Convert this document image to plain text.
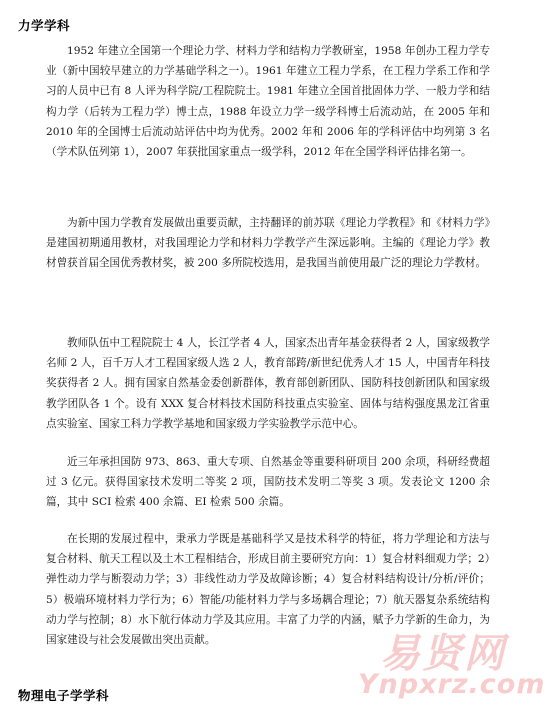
力学学科

1952 年建立全国第一个理论力学、材料力学和结构力学教研室，1958 年创办工程力学专业（新中国较早建立的力学基础学科之一）。1961 年建立工程力学系，在工程力学系工作和学习的人员中已有 8 人评为科学院/工程院院士。1981 年建立全国首批固体力学、一般力学和结构力学（后转为工程力学）博士点，1988 年设立力学一级学科博士后流动站，在 2005 年和 2010 年的全国博士后流动站评估中均为优秀。2002 年和 2006 年的学科评估中均列第 3 名（学术队伍列第 1），2007 年获批国家重点一级学科，2012 年在全国学科评估排名第一。

为新中国力学教育发展做出重要贡献，主持翻译的前苏联《理论力学教程》和《材料力学》是建国初期通用教材，对我国理论力学和材料力学教学产生深远影响。主编的《理论力学》教材曾获首届全国优秀教材奖，被 200 多所院校选用，是我国当前使用最广泛的理论力学教材。

教师队伍中工程院院士 4 人，长江学者 4 人，国家杰出青年基金获得者 2 人，国家级教学名师 2 人，百千万人才工程国家级人选 2 人，教育部跨/新世纪优秀人才 15 人，中国青年科技奖获得者 2 人。拥有国家自然基金委创新群体，教育部创新团队、国防科技创新团队和国家级教学团队各 1 个。设有 XXX 复合材料技术国防科技重点实验室、固体与结构强度黑龙江省重点实验室、国家工科力学教学基地和国家级力学实验教学示范中心。

近三年承担国防 973、863、重大专项、自然基金等重要科研项目 200 余项，科研经费超过 3 亿元。获得国家技术发明二等奖 2 项，国防技术发明二等奖 3 项。发表论文 1200 余篇，其中 SCI 检索 400 余篇、EI 检索 500 余篇。

在长期的发展过程中，秉承力学既是基础科学又是技术科学的特征，将力学理论和方法与复合材料、航天工程以及土木工程相结合，形成目前主要研究方向：1）复合材料细观力学；2）弹性动力学与断裂动力学；3）非线性动力学及故障诊断；4）复合材料结构设计/分析/评价；5）极端环境材料力学行为；6）智能/功能材料力学与多场耦合理论；7）航天器复杂系统结构动力学与控制；8）水下航行体动力学及其应用。丰富了力学的内涵，赋予力学新的生命力，为国家建设与社会发展做出突出贡献。

物理电子学学科
易贤网
Ynpxrz.com
